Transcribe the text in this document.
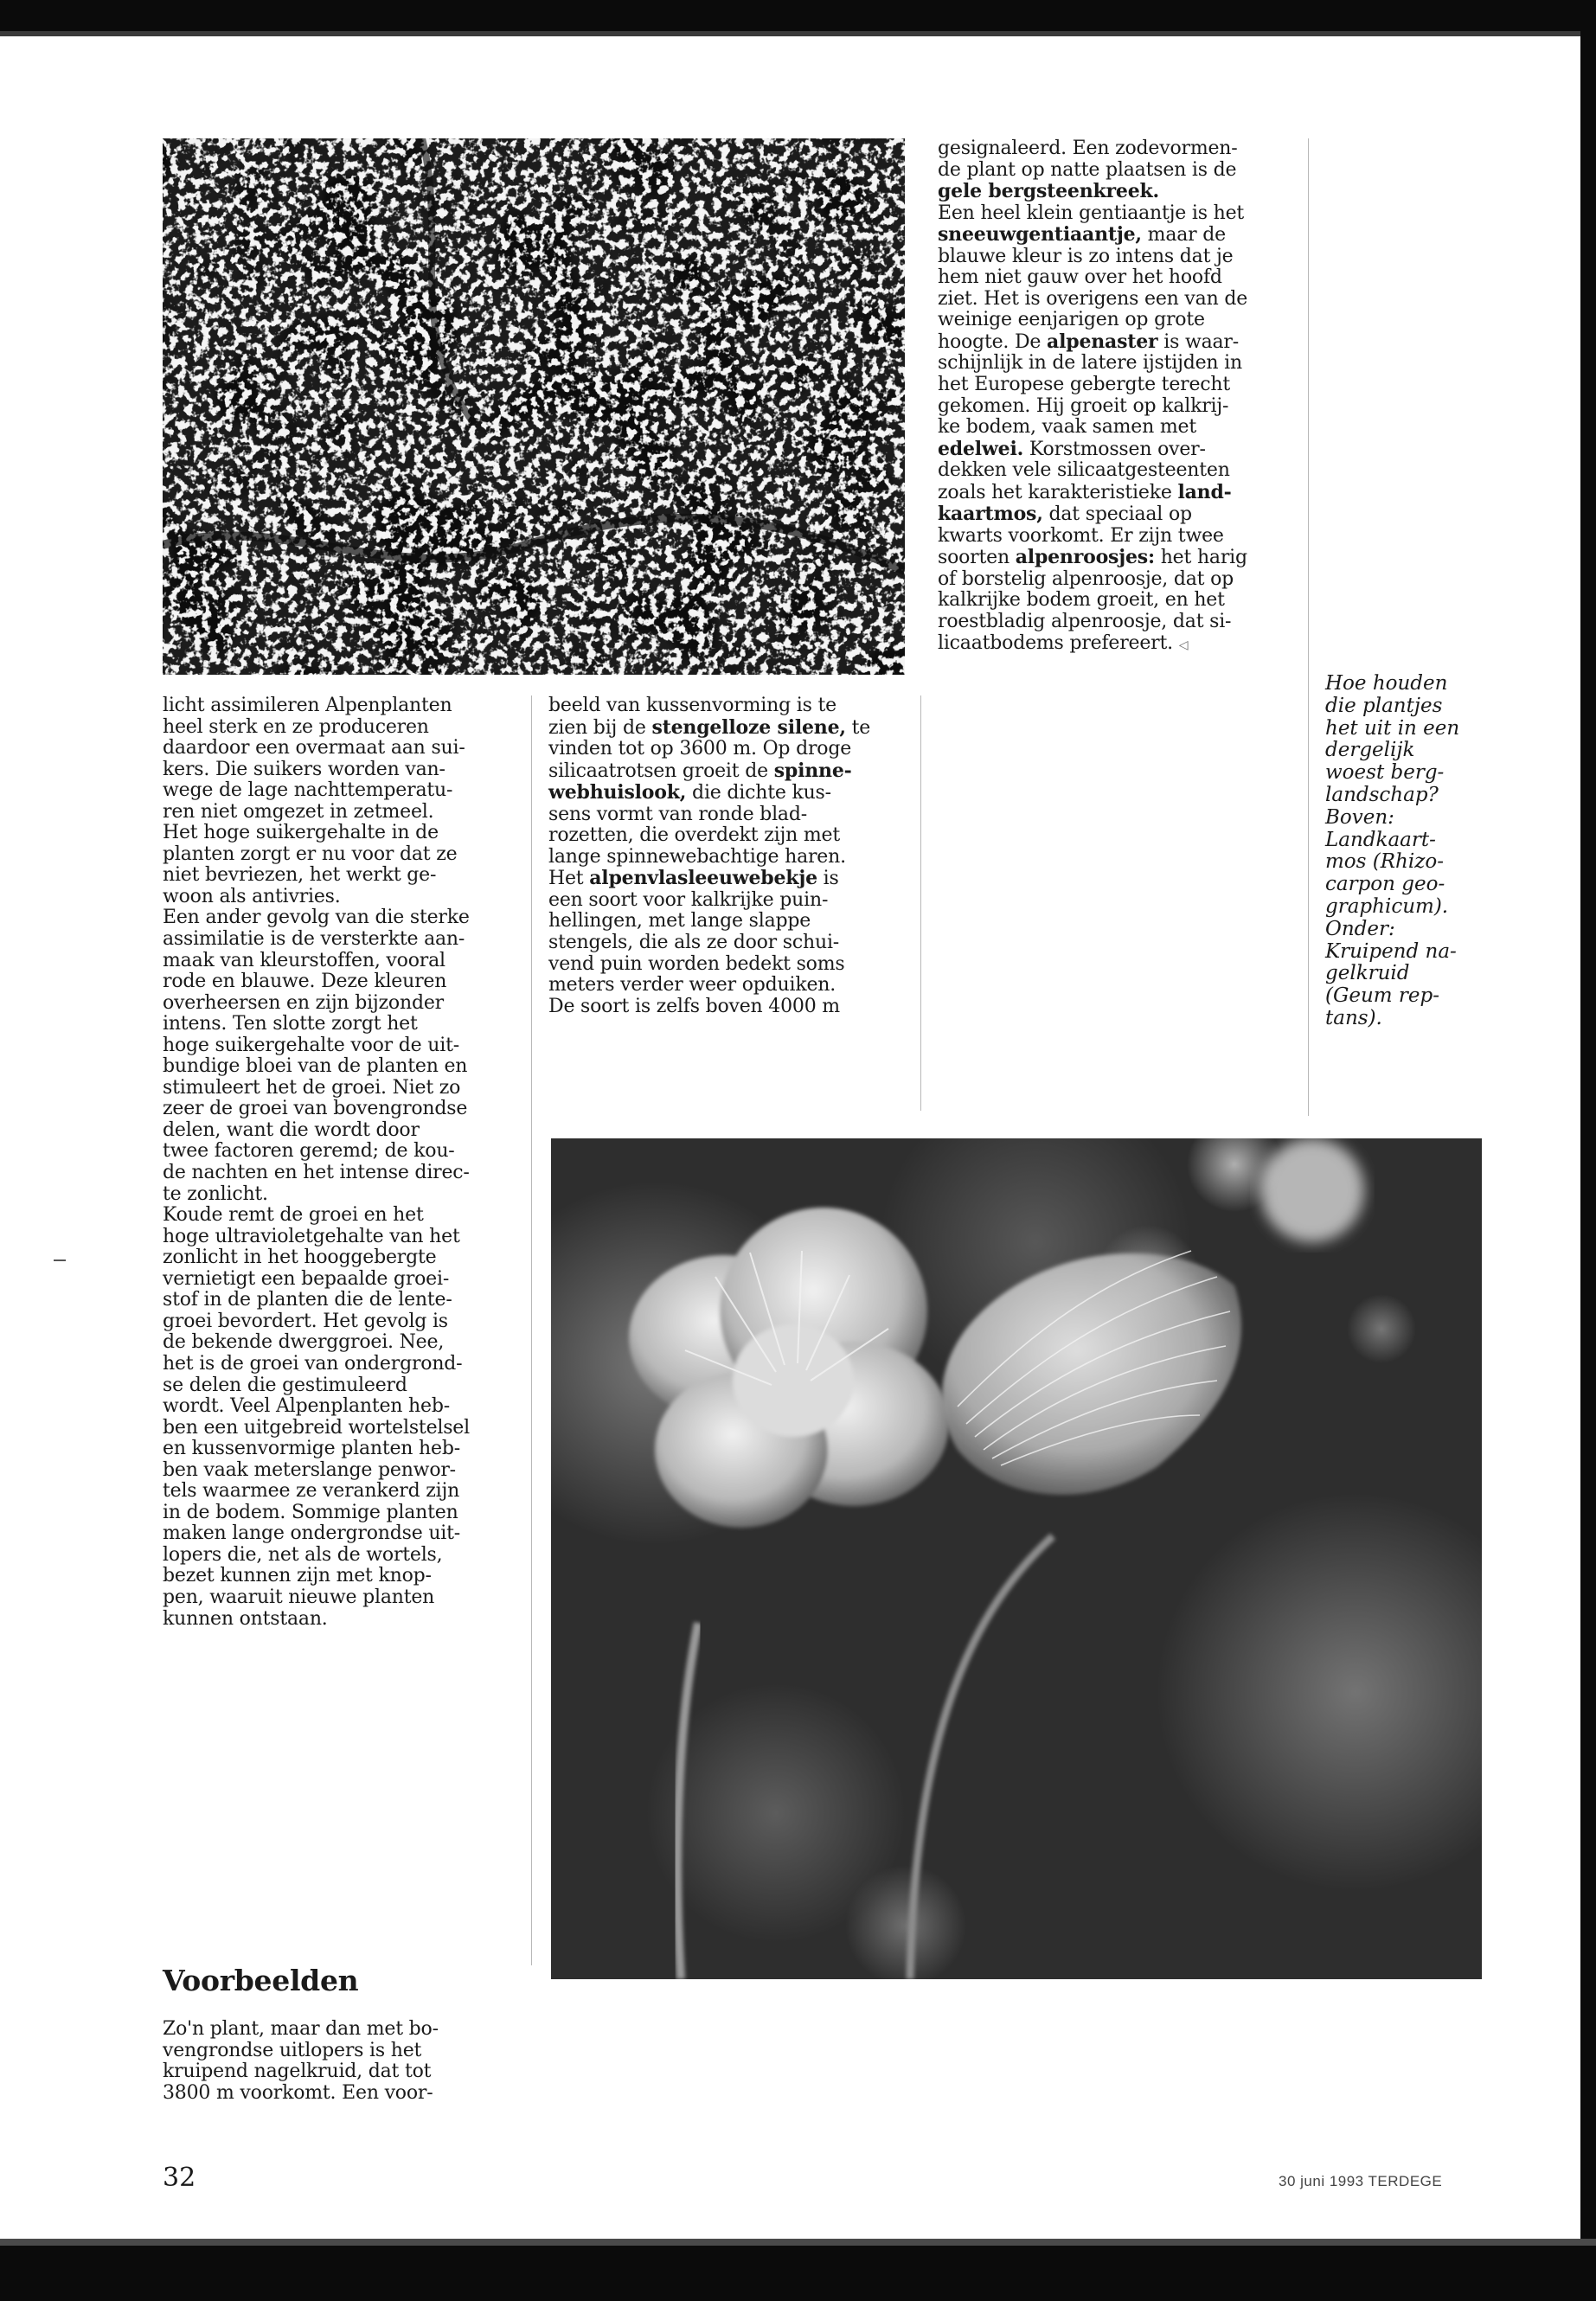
licht assimileren Alpenplanten

heel sterk en ze produceren

daardoor een overmaat aan sui-

kers. Die suikers worden van-

wege de lage nachttemperatu-

ren niet omgezet in zetmeel.

Het hoge suikergehalte in de

planten zorgt er nu voor dat ze

niet bevriezen, het werkt ge-

woon als antivries.

Een ander gevolg van die sterke

assimilatie is de versterkte aan-

maak van kleurstoffen, vooral

rode en blauwe. Deze kleuren

overheersen en zijn bijzonder

intens. Ten slotte zorgt het

hoge suikergehalte voor de uit-

bundige bloei van de planten en

stimuleert het de groei. Niet zo

zeer de groei van bovengrondse

delen, want die wordt door

twee factoren geremd; de kou-

de nachten en het intense direc-

te zonlicht.

Koude remt de groei en het

hoge ultravioletgehalte van het

zonlicht in het hooggebergte

vernietigt een bepaalde groei-

stof in de planten die de lente-

groei bevordert. Het gevolg is

de bekende dwerggroei. Nee,

het is de groei van ondergrond-

se delen die gestimuleerd

wordt. Veel Alpenplanten heb-

ben een uitgebreid wortelstelsel

en kussenvormige planten heb-

ben vaak meterslange penwor-

tels waarmee ze verankerd zijn

in de bodem. Sommige planten

maken lange ondergrondse uit-

lopers die, net als de wortels,

bezet kunnen zijn met knop-

pen, waaruit nieuwe planten

kunnen ontstaan.

Voorbeelden

Zo'n plant, maar dan met bo-

vengrondse uitlopers is het

kruipend nagelkruid, dat tot

3800 m voorkomt. Een voor-

beeld van kussenvorming is te

zien bij de stengelloze silene, te

vinden tot op 3600 m. Op droge

silicaatrotsen groeit de spinne-

webhuislook, die dichte kus-

sens vormt van ronde blad-

rozetten, die overdekt zijn met

lange spinnewebachtige haren.

Het alpenvlasleeuwebekje is

een soort voor kalkrijke puin-

hellingen, met lange slappe

stengels, die als ze door schui-

vend puin worden bedekt soms

meters verder weer opduiken.

De soort is zelfs boven 4000 m

gesignaleerd. Een zodevormen-

de plant op natte plaatsen is de

gele bergsteenkreek.

Een heel klein gentiaantje is het

sneeuwgentiaantje, maar de

blauwe kleur is zo intens dat je

hem niet gauw over het hoofd

ziet. Het is overigens een van de

weinige eenjarigen op grote

hoogte. De alpenaster is waar-

schijnlijk in de latere ijstijden in

het Europese gebergte terecht

gekomen. Hij groeit op kalkrij-

ke bodem, vaak samen met

edelwei. Korstmossen over-

dekken vele silicaatgesteenten

zoals het karakteristieke land-

kaartmos, dat speciaal op

kwarts voorkomt. Er zijn twee

soorten alpenroosjes: het harig

of borstelig alpenroosje, dat op

kalkrijke bodem groeit, en het

roestbladig alpenroosje, dat si-

licaatbodems prefereert. ◁

Hoe houden
die plantjes
het uit in een
dergelijk
woest berg-
landschap?
Boven:
Landkaart-
mos (Rhizo-
carpon geo-
graphicum).
Onder:
Kruipend na-
gelkruid
(Geum rep-
tans).
32	30 juni 1993 TERDEGE
